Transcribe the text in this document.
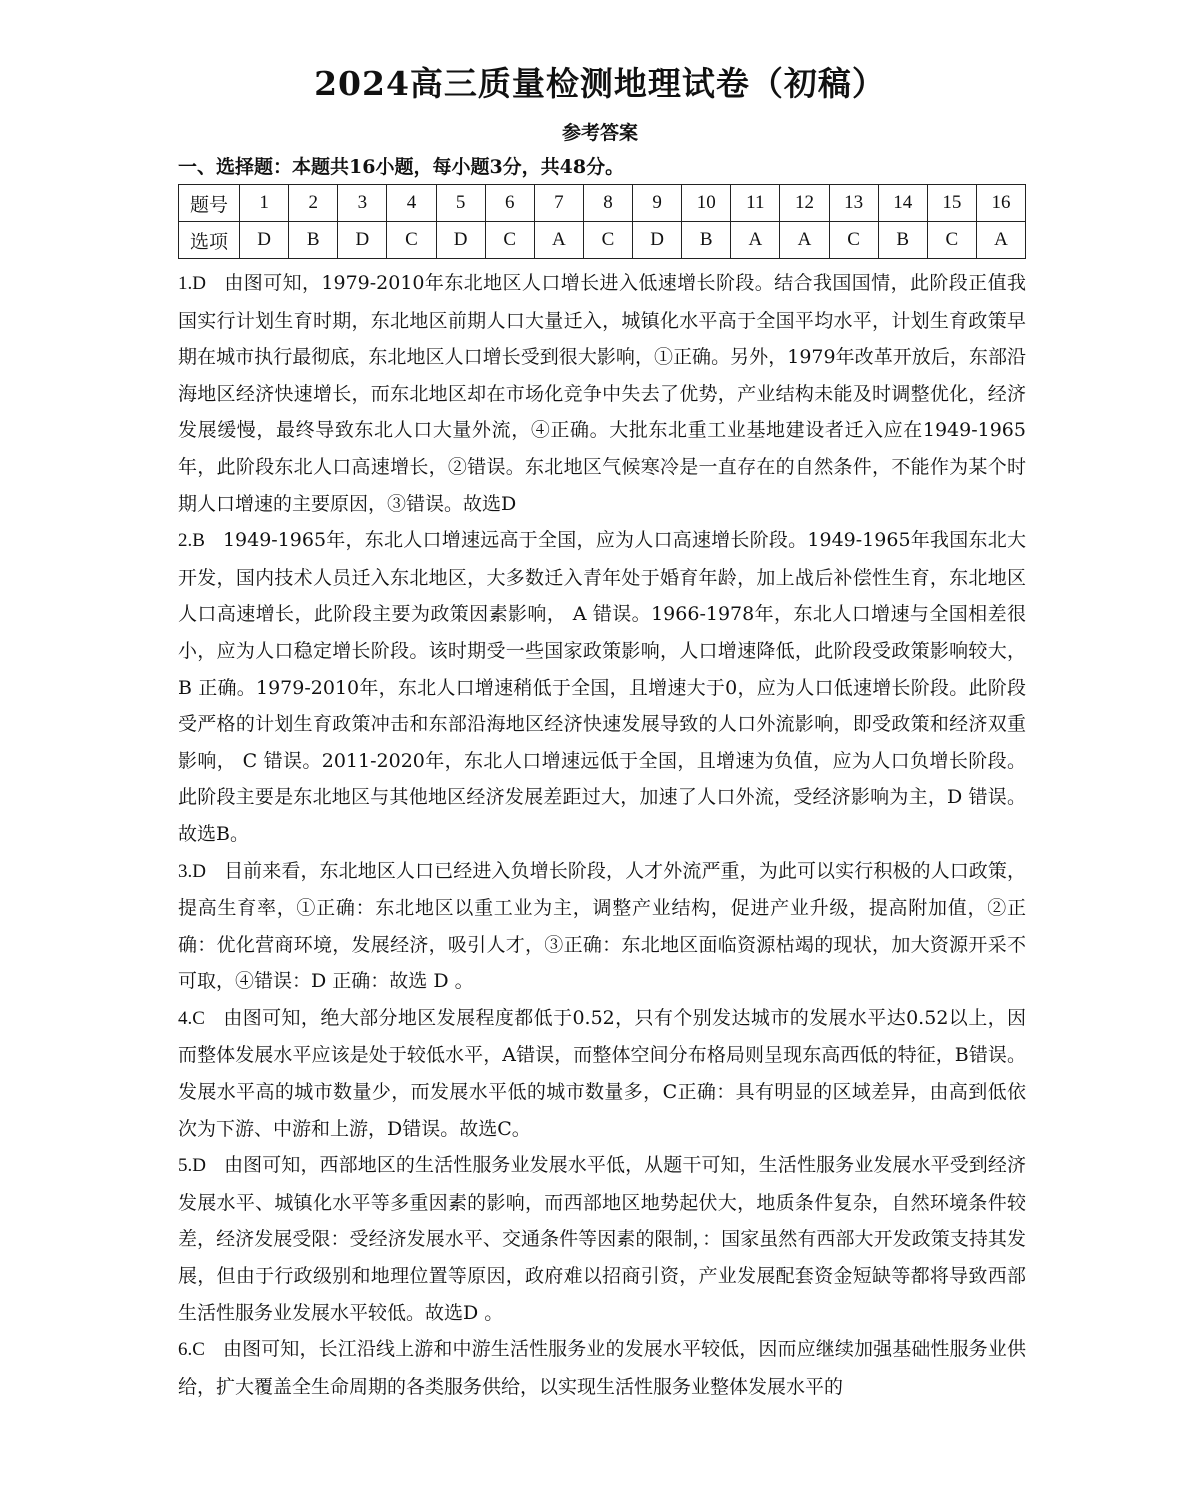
2024高三质量检测地理试卷（初稿）
参考答案
一、选择题：本题共16小题，每小题3分，共48分。
题号	1	2	3	4	5	6	7	8	9	10	11	12	13	14	15	16
选项	D	B	D	C	D	C	A	C	D	B	A	A	C	B	C	A

1.D 由图可知，1979-2010年东北地区人口增长进入低速增长阶段。结合我国国情，此阶段正值我国实行计划生育时期，东北地区前期人口大量迁入，城镇化水平高于全国平均水平，计划生育政策早期在城市执行最彻底，东北地区人口增长受到很大影响，①正确。另外，1979年改革开放后，东部沿海地区经济快速增长，而东北地区却在市场化竞争中失去了优势，产业结构未能及时调整优化，经济发展缓慢，最终导致东北人口大量外流，④正确。大批东北重工业基地建设者迁入应在1949-1965年，此阶段东北人口高速增长，②错误。东北地区气候寒冷是一直存在的自然条件，不能作为某个时期人口增速的主要原因，③错误。故选D

2.B 1949-1965年，东北人口增速远高于全国，应为人口高速增长阶段。1949-1965年我国东北大开发，国内技术人员迁入东北地区，大多数迁入青年处于婚育年龄，加上战后补偿性生育，东北地区人口高速增长，此阶段主要为政策因素影响， A 错误。1966-1978年，东北人口增速与全国相差很小，应为人口稳定增长阶段。该时期受一些国家政策影响，人口增速降低，此阶段受政策影响较大， B 正确。1979-2010年，东北人口增速稍低于全国，且增速大于0，应为人口低速增长阶段。此阶段受严格的计划生育政策冲击和东部沿海地区经济快速发展导致的人口外流影响，即受政策和经济双重影响， C 错误。2011-2020年，东北人口增速远低于全国，且增速为负值，应为人口负增长阶段。此阶段主要是东北地区与其他地区经济发展差距过大，加速了人口外流，受经济影响为主，D 错误。故选B。

3.D 目前来看，东北地区人口已经进入负增长阶段，人才外流严重，为此可以实行积极的人口政策，提高生育率，①正确：东北地区以重工业为主，调整产业结构，促进产业升级，提高附加值，②正确：优化营商环境，发展经济，吸引人才，③正确：东北地区面临资源枯竭的现状，加大资源开采不可取，④错误：D 正确：故选 D 。

4.C 由图可知，绝大部分地区发展程度都低于0.52，只有个别发达城市的发展水平达0.52以上，因而整体发展水平应该是处于较低水平，A错误，而整体空间分布格局则呈现东高西低的特征，B错误。发展水平高的城市数量少，而发展水平低的城市数量多，C正确：具有明显的区域差异，由高到低依次为下游、中游和上游，D错误。故选C。

5.D 由图可知，西部地区的生活性服务业发展水平低，从题干可知，生活性服务业发展水平受到经济发展水平、城镇化水平等多重因素的影响，而西部地区地势起伏大，地质条件复杂，自然环境条件较差，经济发展受限：受经济发展水平、交通条件等因素的限制，：国家虽然有西部大开发政策支持其发展，但由于行政级别和地理位置等原因，政府难以招商引资，产业发展配套资金短缺等都将导致西部生活性服务业发展水平较低。故选D 。

6.C 由图可知，长江沿线上游和中游生活性服务业的发展水平较低，因而应继续加强基础性服务业供给，扩大覆盖全生命周期的各类服务供给，以实现生活性服务业整体发展水平的
